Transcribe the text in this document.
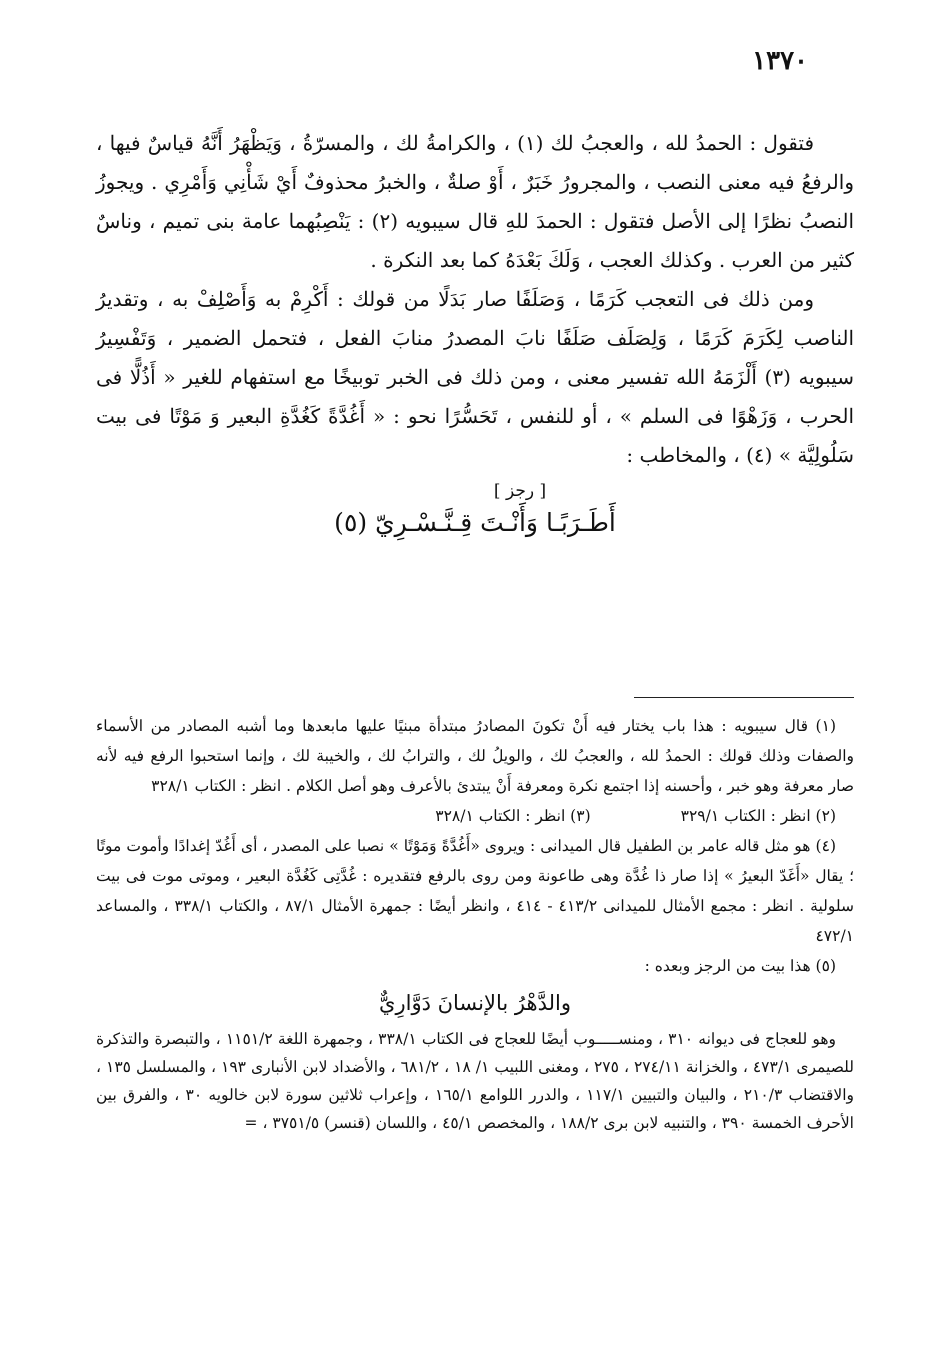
١٣٧٠

فتقول : الحمدُ لله ، والعجبُ لك (١) ، والكرامةُ لك ، والمسرّةُ ، وَيَظْهَرُ أَنَّهُ قياسٌ فيها ، والرفعُ فيه معنى النصب ، والمجرورُ خَبَرٌ ، أَوْ صلةٌ ، والخبرُ محذوفٌ أَيْ شَأْنِي وَأَمْرِي . ويجوزُ النصبُ نظرًا إلى الأصل فتقول : الحمدَ للهِ قال سيبويه (٢) : يَنْصِبُهما عامة بنى تميم ، وناسٌ كثير من العرب . وكذلك العجب ، وَلَكَ بَعْدَهُ كما بعد النكرة .

ومن ذلك فى التعجب كَرَمًا ، وَصَلَفًا صار بَدَلًا من قولك : أَكْرِمْ به وَأَصْلِفْ به ، وتقديرُ الناصب لِكَرَمَ كَرَمًا ، وَلِصَلَف صَلَفًا نابَ المصدرُ منابَ الفعل ، فتحمل الضمير ، وَتَفْسِيرُ سيبويه (٣) أَلْزَمَهُ الله تفسير معنى ، ومن ذلك فى الخبر توبيخًا مع استفهام للغير « أَذُلًّا فى الحرب ، وَزَهْوًا فى السلم » ، أو للنفس ، تَحَسُّرًا نحو : « أَغُدَّةً كَغُدَّةِ البعير وَ مَوْتًا فى بيت سَلُولِيَّة » (٤) ، والمخاطب :

[ رجز ]
أَطَـرَبًـا وَأَنْـتَ قِـنَّـسْـرِيّ (٥)

(١) قال سيبويه : هذا باب يختار فيه أَنْ تكونَ المصادرُ مبتدأة مبنيًا عليها مابعدها وما أشبه المصادر من الأسماء والصفات وذلك قولك : الحمدُ لله ، والعجبُ لك ، والويلُ لك ، والترابُ لك ، والخيبة لك ، وإنما استحبوا الرفع فيه لأنه صار معرفة وهو خبر ، وأحسنه إذا اجتمع نكرة ومعرفة أَنْ يبتدئ بالأعرف وهو أصل الكلام . انظر : الكتاب ٣٢٨/١

(٢) انظر : الكتاب ٣٢٩/١
(٣) انظر : الكتاب ٣٢٨/١

(٤) هو مثل قاله عامر بن الطفيل قال الميدانى : ويروى «أَغُدَّةً وَمَوْتًا » نصبا على المصدر ، أى أَغُدّ إغدادًا وأموت موتًا ؛ يقال «أَغَدّ البعيرُ » إذا صار ذا غُدَّة وهى طاعونة ومن روى بالرفع فتقديره : غُدَّتِى كَغُدَّة البعير ، وموتى موت فى بيت سلولية . انظر : مجمع الأمثال للميدانى ٤١٣/٢ - ٤١٤ ، وانظر أيضًا : جمهرة الأمثال ٨٧/١ ، والكتاب ٣٣٨/١ ، والمساعد ٤٧٢/١

(٥) هذا بيت من الرجز وبعده :

والدَّهْرُ بالإنسانَ دَوَّارِيٌّ

وهو للعجاج فى ديوانه ٣١٠ ، ومنســـــوب أيضًا للعجاج فى الكتاب ٣٣٨/١ ، وجمهرة اللغة ١١٥١/٢ ، والتبصرة والتذكرة للصيمرى ٤٧٣/١ ، والخزانة ٢٧٤/١١ ، ٢٧٥ ، ومغنى اللبيب ١/ ١٨ ، ٦٨١/٢ ، والأضداد لابن الأنبارى ١٩٣ ، والمسلسل ١٣٥ ، والاقتضاب ٢١٠/٣ ، والبيان والتبيين ١١٧/١ ، والدرر اللوامع ١٦٥/١ ، وإعراب ثلاثين سورة لابن خالويه ٣٠ ، والفرق بين الأحرف الخمسة ٣٩٠ ، والتنبيه لابن برى ١٨٨/٢ ، والمخصص ٤٥/١ ، واللسان (قنسر) ٣٧٥١/٥ ، =
